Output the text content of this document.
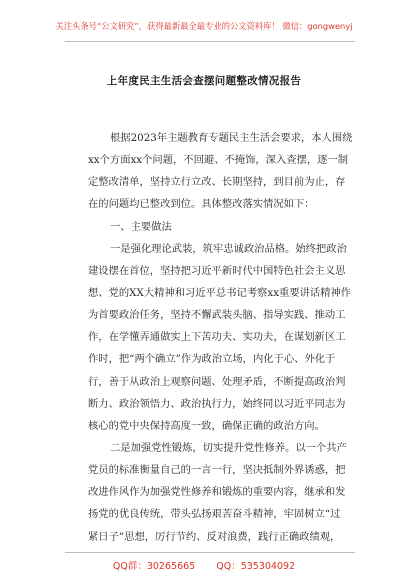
关注头条号“公文研究”，获得最新最全最专业的公文资料库！ 微信：gongwenyj
上年度民主生活会查摆问题整改情况报告
根据2023年主题教育专题民主生活会要求，本人围绕
xx个方面xx个问题，不回避、不掩饰，深入查摆，逐一制
定整改清单，坚持立行立改、长期坚持，到目前为止，存
在的问题均已整改到位。具体整改落实情况如下：
一、主要做法
一是强化理论武装，筑牢忠诚政治品格。始终把政治
建设摆在首位，坚持把习近平新时代中国特色社会主义思
想、党的XX大精神和习近平总书记考察xx重要讲话精神作
为首要政治任务，坚持不懈武装头脑、指导实践、推动工
作，在学懂弄通做实上下苦功夫、实功夫，在谋划新区工
作时，把“两个确立”作为政治立场，内化于心、外化于
行，善于从政治上观察问题、处理矛盾，不断提高政治判
断力、政治领悟力、政治执行力，始终同以习近平同志为
核心的党中央保持高度一致，确保正确的政治方向。
二是加强党性锻炼，切实提升党性修养。以一个共产
党员的标准衡量自己的一言一行，坚决抵制外界诱惑，把
改进作风作为加强党性修养和锻炼的重要内容，继承和发
扬党的优良传统，带头弘扬艰苦奋斗精神，牢固树立“过
紧日子”思想，厉行节约、反对浪费，践行正确政绩观，
QQ群：30265665 QQ：535304092
